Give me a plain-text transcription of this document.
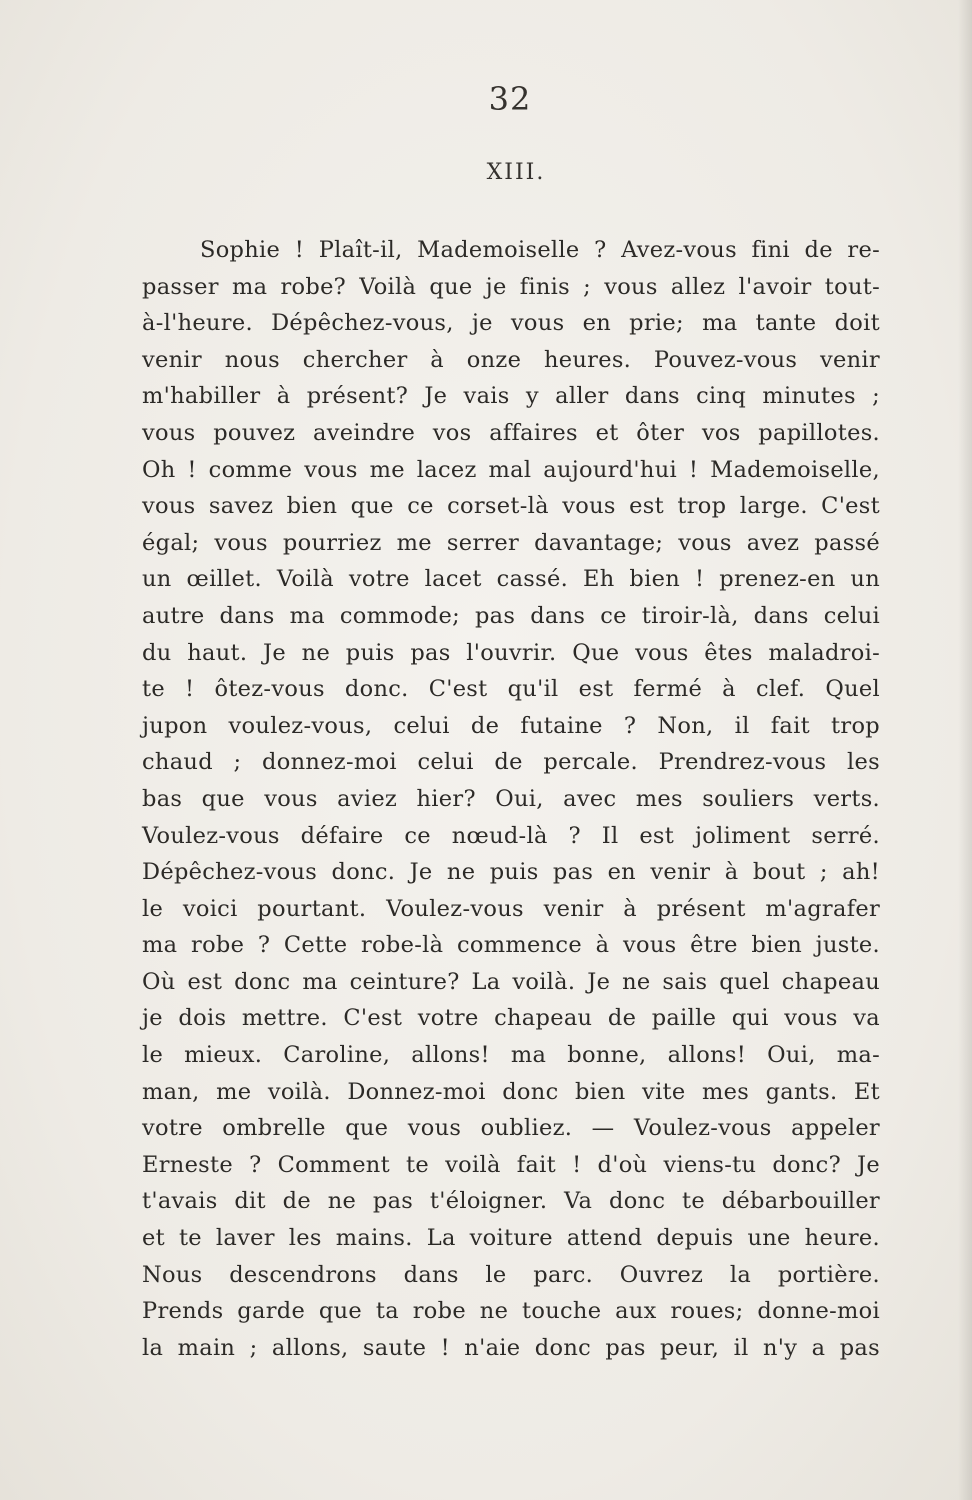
32
XIII.
Sophie ! Plaît-il, Mademoiselle ? Avez-vous fini de re-
passer ma robe? Voilà que je finis ; vous allez l'avoir tout-
à-l'heure. Dépêchez-vous, je vous en prie; ma tante doit
venir nous chercher à onze heures. Pouvez-vous venir
m'habiller à présent? Je vais y aller dans cinq minutes ;
vous pouvez aveindre vos affaires et ôter vos papillotes.
Oh ! comme vous me lacez mal aujourd'hui ! Mademoiselle,
vous savez bien que ce corset-là vous est trop large. C'est
égal; vous pourriez me serrer davantage; vous avez passé
un œillet. Voilà votre lacet cassé. Eh bien ! prenez-en un
autre dans ma commode; pas dans ce tiroir-là, dans celui
du haut. Je ne puis pas l'ouvrir. Que vous êtes maladroi-
te ! ôtez-vous donc. C'est qu'il est fermé à clef. Quel
jupon voulez-vous, celui de futaine ? Non, il fait trop
chaud ; donnez-moi celui de percale. Prendrez-vous les
bas que vous aviez hier? Oui, avec mes souliers verts.
Voulez-vous défaire ce nœud-là ? Il est joliment serré.
Dépêchez-vous donc. Je ne puis pas en venir à bout ; ah!
le voici pourtant. Voulez-vous venir à présent m'agrafer
ma robe ? Cette robe-là commence à vous être bien juste.
Où est donc ma ceinture? La voilà. Je ne sais quel chapeau
je dois mettre. C'est votre chapeau de paille qui vous va
le mieux. Caroline, allons! ma bonne, allons! Oui, ma-
man, me voilà. Donnez-moi donc bien vite mes gants. Et
votre ombrelle que vous oubliez. — Voulez-vous appeler
Erneste ? Comment te voilà fait ! d'où viens-tu donc? Je
t'avais dit de ne pas t'éloigner. Va donc te débarbouiller
et te laver les mains. La voiture attend depuis une heure.
Nous descendrons dans le parc. Ouvrez la portière.
Prends garde que ta robe ne touche aux roues; donne-moi
la main ; allons, saute ! n'aie donc pas peur, il n'y a pas
